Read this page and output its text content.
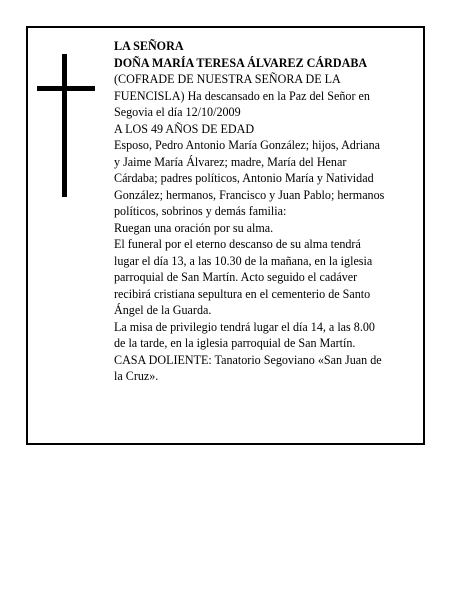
LA SEÑORA

DOÑA MARÍA TERESA ÁLVAREZ CÁRDABA

(COFRADE DE NUESTRA SEÑORA DE LA

FUENCISLA) Ha descansado en la Paz del Señor en

Segovia el día 12/10/2009

A LOS 49 AÑOS DE EDAD

Esposo, Pedro Antonio María González; hijos, Adriana

y Jaime María Álvarez; madre, María del Henar

Cárdaba; padres políticos, Antonio María y Natividad

González; hermanos, Francisco y Juan Pablo; hermanos

políticos, sobrinos y demás familia:

Ruegan una oración por su alma.

El funeral por el eterno descanso de su alma tendrá

lugar el día 13, a las 10.30 de la mañana, en la iglesia

parroquial de San Martín. Acto seguido el cadáver

recibirá cristiana sepultura en el cementerio de Santo

Ángel de la Guarda.

La misa de privilegio tendrá lugar el día 14, a las 8.00

de la tarde, en la iglesia parroquial de San Martín.

CASA DOLIENTE: Tanatorio Segoviano «San Juan de

la Cruz».
